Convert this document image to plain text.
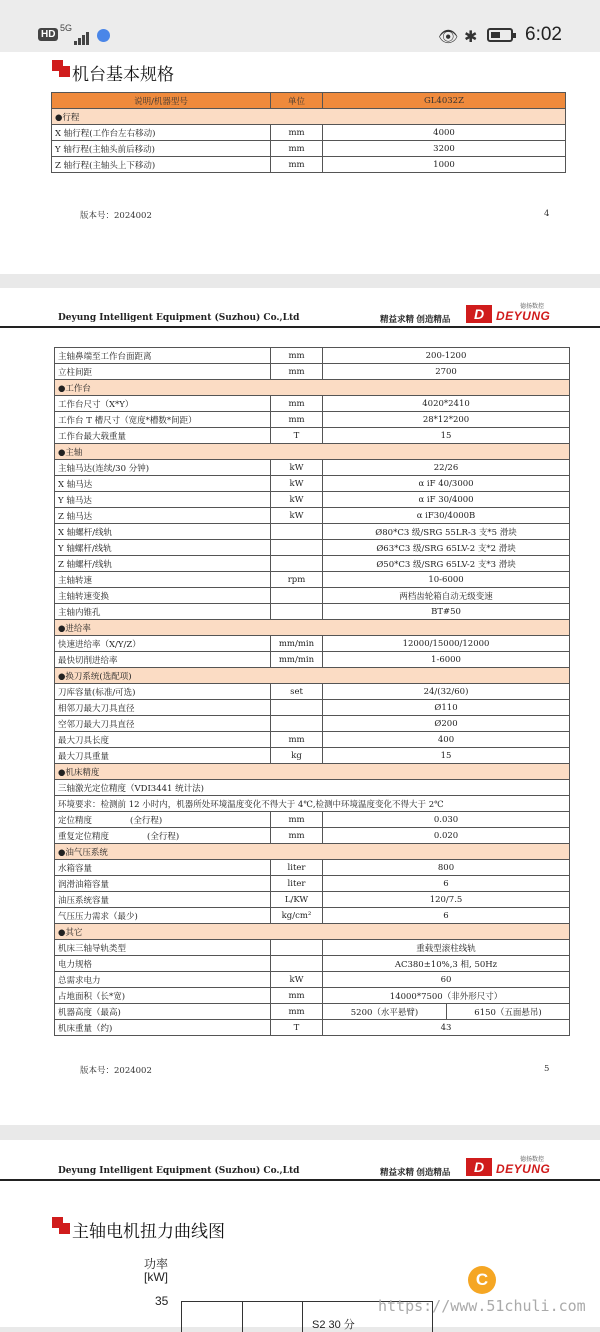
HD
5G
👁 ✱	6:02
机台基本规格
说明/机器型号	单位	GL4032Z
●行程		
X 轴行程(工作台左右移动)	mm	4000
Y 轴行程(主轴头前后移动)	mm	3200
Z 轴行程(主轴头上下移动)	mm	1000
版本号：2024002	4
Deyung Intelligent Equipment (Suzhou) Co.,Ltd	精益求精 创造精品	D DEYUNG
德扬数控
主轴鼻端至工作台面距离	mm	200-1200	
立柱间距	mm	2700	
●工作台			
工作台尺寸（X*Y）	mm	4020*2410	
工作台 T 槽尺寸（宽度*槽数*间距）	mm	28*12*200	
工作台最大载重量	T	15	
●主轴			
主轴马达(连续/30 分钟)	kW	22/26	
X 轴马达	kW	α iF 40/3000	
Y 轴马达	kW	α iF 30/4000	
Z 轴马达	kW	α iF30/4000B	
X 轴螺杆/线轨		Ø80*C3 级/SRG 55LR-3 支*5 滑块	
Y 轴螺杆/线轨		Ø63*C3 级/SRG 65LV-2 支*2 滑块	
Z 轴螺杆/线轨		Ø50*C3 级/SRG 65LV-2 支*3 滑块	
主轴转速	rpm	10-6000	
主轴转速变换		两档齿轮箱自动无级变速	
主轴内锥孔		BT#50	
●进给率			
快速进给率（X/Y/Z）	mm/min	12000/15000/12000	
最快切削进给率	mm/min	1-6000	
●换刀系统(选配项)			
刀库容量(标准/可选)	set	24/(32/60)	
相邻刀最大刀具直径		Ø110	
空邻刀最大刀具直径		Ø200	
最大刀具长度	mm	400	
最大刀具重量	kg	15	
●机床精度			
三轴激光定位精度（VDI3441 统计法)			
环境要求：检测前 12 小时内，机器所处环境温度变化不得大于 4℃,检测中环境温度变化不得大于 2℃			
定位精度 (全行程)	mm	0.030	
重复定位精度 (全行程)	mm	0.020	
●油气压系统			
水箱容量	liter	800	
润滑油箱容量	liter	6	
油压系统容量	L/KW	120/7.5	
气压压力需求（最少)	kg/cm²	6	
●其它			
机床三轴导轨类型		重载型滚柱线轨	
电力规格		AC380±10%,3 相, 50Hz	
总需求电力	kW	60	
占地面积（长*宽)	mm	14000*7500（非外形尺寸）	
机器高度（最高)	mm	5200（水平悬臂)	6150（五面悬吊)
机床重量（约)	T	43	
版本号：2024002	5
Deyung Intelligent Equipment (Suzhou) Co.,Ltd	精益求精 创造精品	D DEYUNG
德扬数控
主轴电机扭力曲线图
功率
[kW]
35
S2 30 分
C
https://www.51chuli.com
